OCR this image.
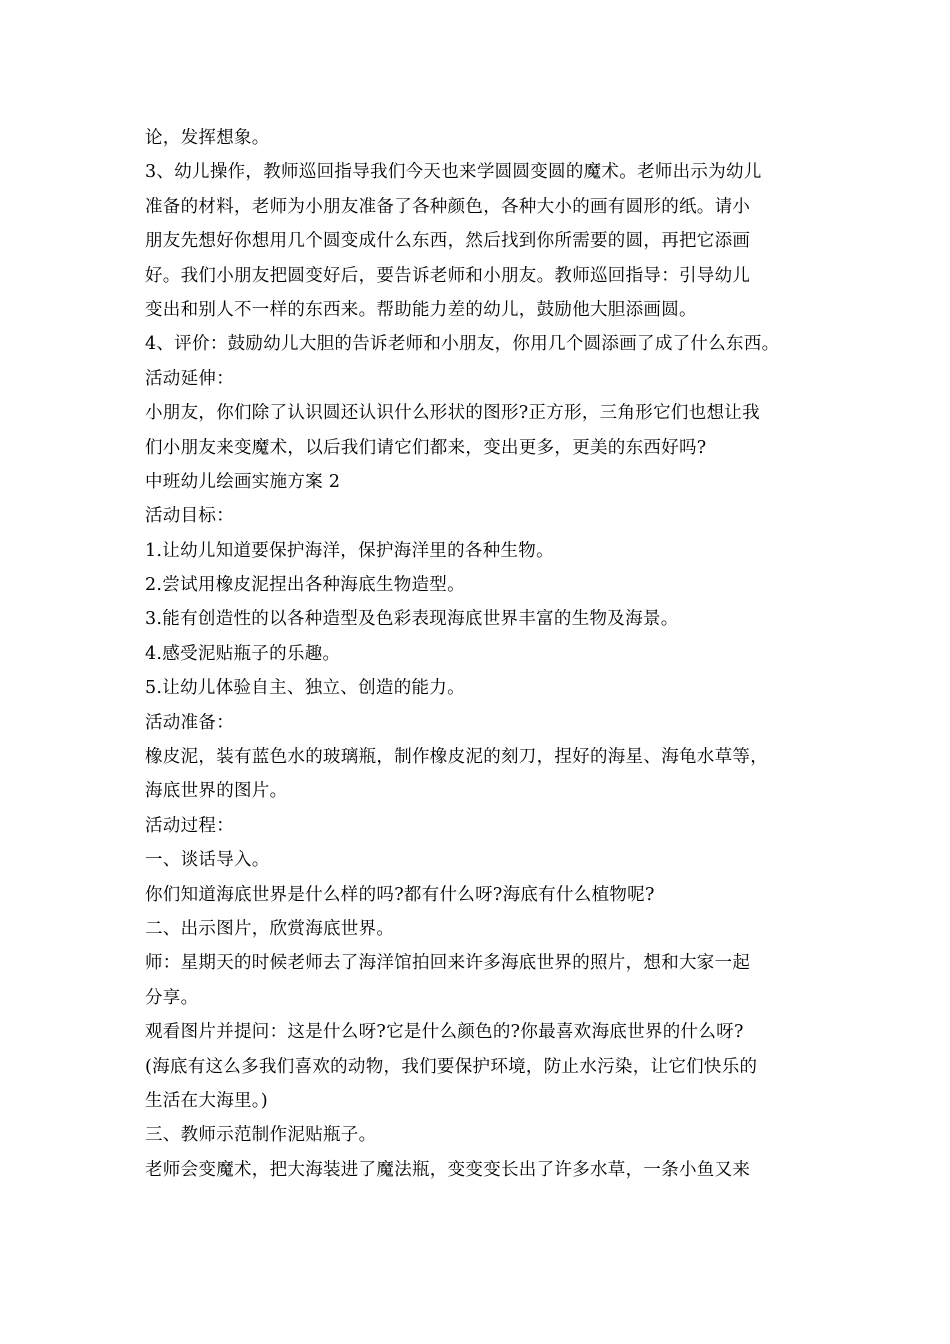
论，发挥想象。
3、幼儿操作，教师巡回指导我们今天也来学圆圆变圆的魔术。老师出示为幼儿
准备的材料，老师为小朋友准备了各种颜色，各种大小的画有圆形的纸。请小
朋友先想好你想用几个圆变成什么东西，然后找到你所需要的圆，再把它添画
好。我们小朋友把圆变好后，要告诉老师和小朋友。教师巡回指导：引导幼儿
变出和别人不一样的东西来。帮助能力差的幼儿，鼓励他大胆添画圆。
4、评价：鼓励幼儿大胆的告诉老师和小朋友，你用几个圆添画了成了什么东西。
活动延伸：
小朋友，你们除了认识圆还认识什么形状的图形?正方形，三角形它们也想让我
们小朋友来变魔术，以后我们请它们都来，变出更多，更美的东西好吗?
中班幼儿绘画实施方案 2
活动目标：
1.让幼儿知道要保护海洋，保护海洋里的各种生物。
2.尝试用橡皮泥捏出各种海底生物造型。
3.能有创造性的以各种造型及色彩表现海底世界丰富的生物及海景。
4.感受泥贴瓶子的乐趣。
5.让幼儿体验自主、独立、创造的能力。
活动准备：
橡皮泥，装有蓝色水的玻璃瓶，制作橡皮泥的刻刀，捏好的海星、海龟水草等，
海底世界的图片。
活动过程：
一、谈话导入。
你们知道海底世界是什么样的吗?都有什么呀?海底有什么植物呢?
二、出示图片，欣赏海底世界。
师：星期天的时候老师去了海洋馆拍回来许多海底世界的照片，想和大家一起
分享。
观看图片并提问：这是什么呀?它是什么颜色的?你最喜欢海底世界的什么呀?
(海底有这么多我们喜欢的动物，我们要保护环境，防止水污染，让它们快乐的
生活在大海里。)
三、教师示范制作泥贴瓶子。
老师会变魔术，把大海装进了魔法瓶，变变变长出了许多水草，一条小鱼又来
